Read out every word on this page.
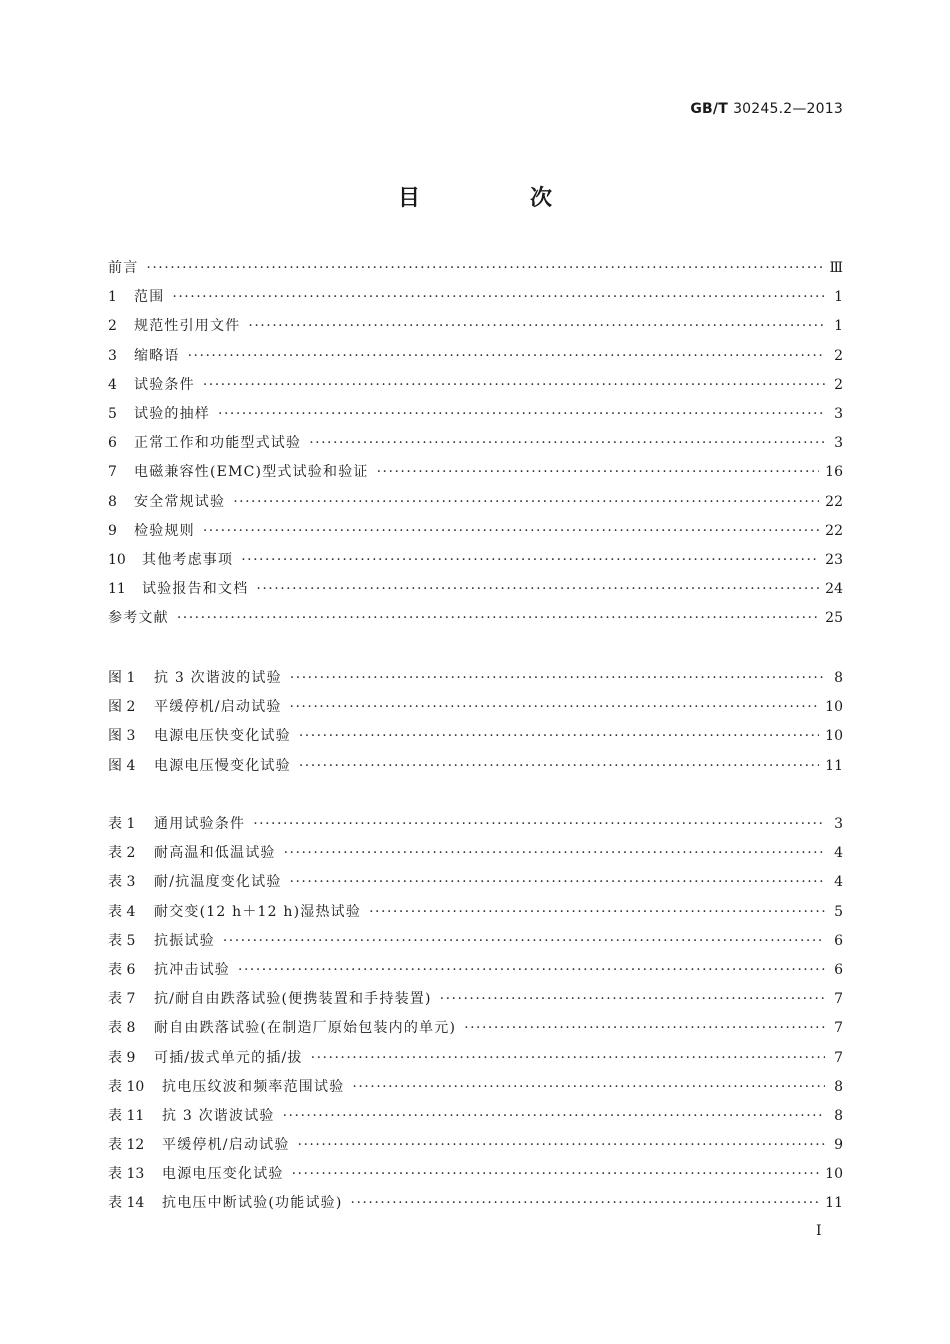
GB/T 30245.2—2013
目　次
前言 ·····	Ⅲ
1	范围 ·····	1
2	规范性引用文件 ·····	1
3	缩略语 ·····	2
4	试验条件 ·····	2
5	试验的抽样 ·····	3
6	正常工作和功能型式试验 ·····	3
7	电磁兼容性(EMC)型式试验和验证 ·····	16
8	安全常规试验 ·····	22
9	检验规则 ·····	22
10	其他考虑事项 ·····	23
11	试验报告和文档 ·····	24
参考文献 ·····	25
图 1	抗 3 次谐波的试验 ·····	8
图 2	平缓停机/启动试验 ·····	10
图 3	电源电压快变化试验 ·····	10
图 4	电源电压慢变化试验 ·····	11
表 1	通用试验条件 ·····	3
表 2	耐高温和低温试验 ·····	4
表 3	耐/抗温度变化试验 ·····	4
表 4	耐交变(12 h＋12 h)湿热试验 ·····	5
表 5	抗振试验 ·····	6
表 6	抗冲击试验 ·····	6
表 7	抗/耐自由跌落试验(便携装置和手持装置) ·····	7
表 8	耐自由跌落试验(在制造厂原始包装内的单元) ·····	7
表 9	可插/拔式单元的插/拔 ·····	7
表 10	抗电压纹波和频率范围试验 ·····	8
表 11	抗 3 次谐波试验 ·····	8
表 12	平缓停机/启动试验 ·····	9
表 13	电源电压变化试验 ·····	10
表 14	抗电压中断试验(功能试验) ·····	11
Ⅰ
